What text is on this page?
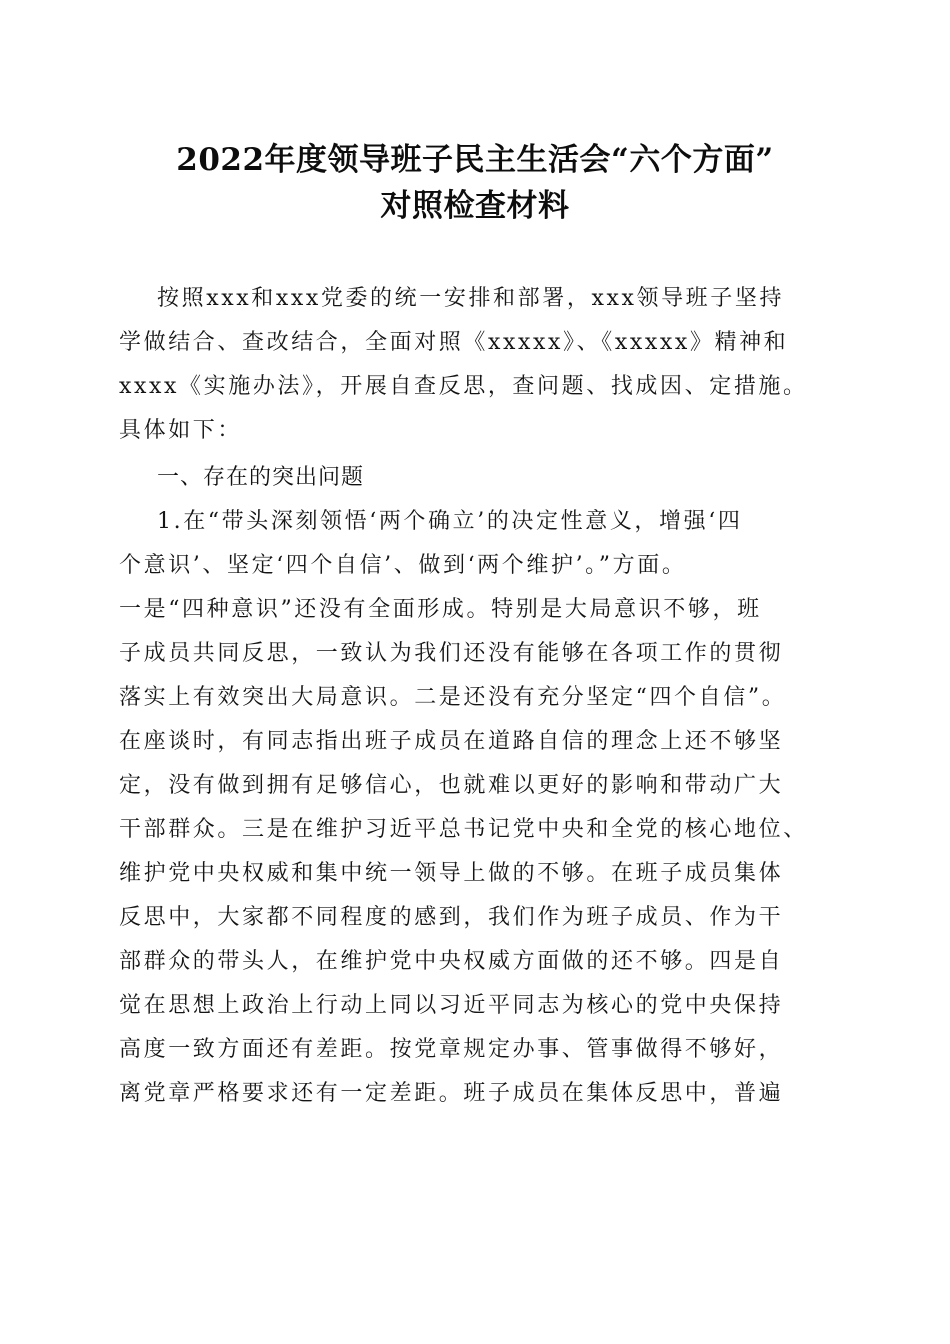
2022年度领导班子民主生活会“六个方面”
对照检查材料
按照xxx和xxx党委的统一安排和部署，xxx领导班子坚持
学做结合、查改结合，全面对照《xxxxx》、《xxxxx》精神和
xxxx《实施办法》，开展自查反思，查问题、找成因、定措施。
具体如下：
一、存在的突出问题
1.在“带头深刻领悟‘两个确立’的决定性意义，增强‘四
个意识’、坚定‘四个自信’、做到‘两个维护’。”方面。
一是“四种意识”还没有全面形成。特别是大局意识不够，班
子成员共同反思，一致认为我们还没有能够在各项工作的贯彻
落实上有效突出大局意识。二是还没有充分坚定“四个自信”。
在座谈时，有同志指出班子成员在道路自信的理念上还不够坚
定，没有做到拥有足够信心，也就难以更好的影响和带动广大
干部群众。三是在维护习近平总书记党中央和全党的核心地位、
维护党中央权威和集中统一领导上做的不够。在班子成员集体
反思中，大家都不同程度的感到，我们作为班子成员、作为干
部群众的带头人，在维护党中央权威方面做的还不够。四是自
觉在思想上政治上行动上同以习近平同志为核心的党中央保持
高度一致方面还有差距。按党章规定办事、管事做得不够好，
离党章严格要求还有一定差距。班子成员在集体反思中，普遍
